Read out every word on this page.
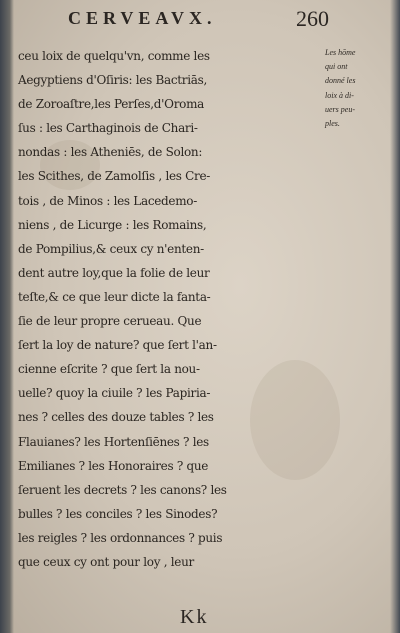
CERVEAVX.	260
ceu loix de quelqu'vn, comme les
Aegyptiens d'Oſiris: les Bactriās,
de Zoroaſtre,les Perſes,d'Oroma
ſus : les Carthaginois de Chari-
nondas : les Atheniēs, de Solon:
les Scithes, de Zamolſis , les Cre-
tois , de Minos : les Lacedemo-
niens , de Licurge : les Romains,
de Pompilius,& ceux cy n'enten-
dent autre loy,que la folie de leur
teſte,& ce que leur dicte la fanta-
ſie de leur propre cerueau. Que
ſert la loy de nature? que ſert l'an-
cienne eſcrite ? que ſert la nou-
uelle? quoy la ciuile ? les Papiria-
nes ? celles des douze tables ? les
Flauianes? les Hortenſiēnes ? les
Emilianes ? les Honoraires ? que
ſeruent les decrets ? les canons? les
bulles ? les conciles ? les Sinodes?
les reigles ? les ordonnances ? puis
que ceux cy ont pour loy , leur
Les hōme
qui ont
donné les
loix à di-
uers peu-
ples.
Kk
